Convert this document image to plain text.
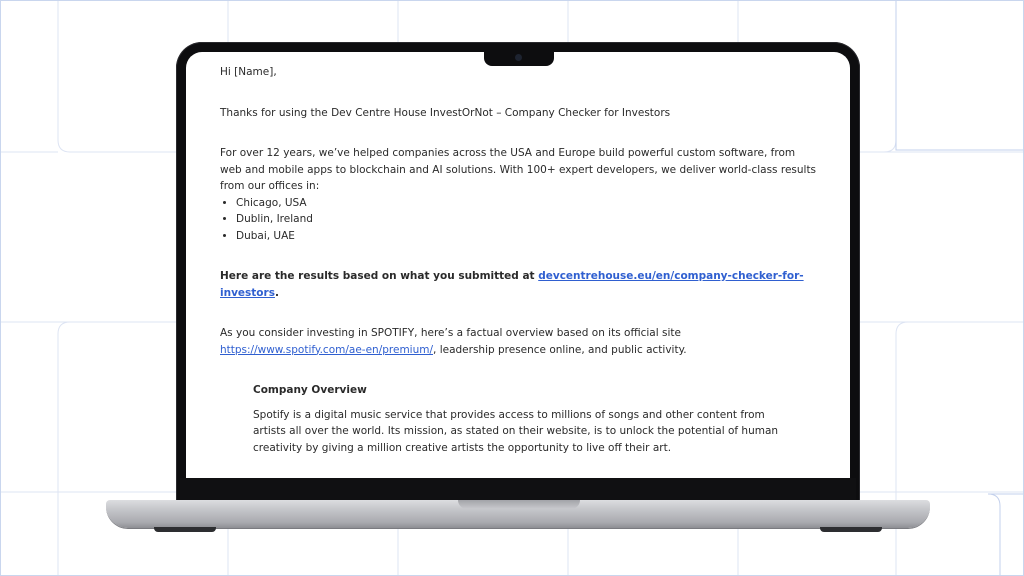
Hi [Name],

Thanks for using the Dev Centre House InvestOrNot – Company Checker for Investors

For over 12 years, we’ve helped companies across the USA and Europe build powerful custom software, from web and mobile apps to blockchain and AI solutions. With 100+ expert developers, we deliver world-class results from our offices in:

• Chicago, USA
• Dublin, Ireland
• Dubai, UAE

Here are the results based on what you submitted at devcentrehouse.eu/en/company-checker-for-investors.

As you consider investing in SPOTIFY, here’s a factual overview based on its official site https://www.spotify.com/ae-en/premium/, leadership presence online, and public activity.

Company Overview

Spotify is a digital music service that provides access to millions of songs and other content from artists all over the world. Its mission, as stated on their website, is to unlock the potential of human creativity by giving a million creative artists the opportunity to live off their art.
